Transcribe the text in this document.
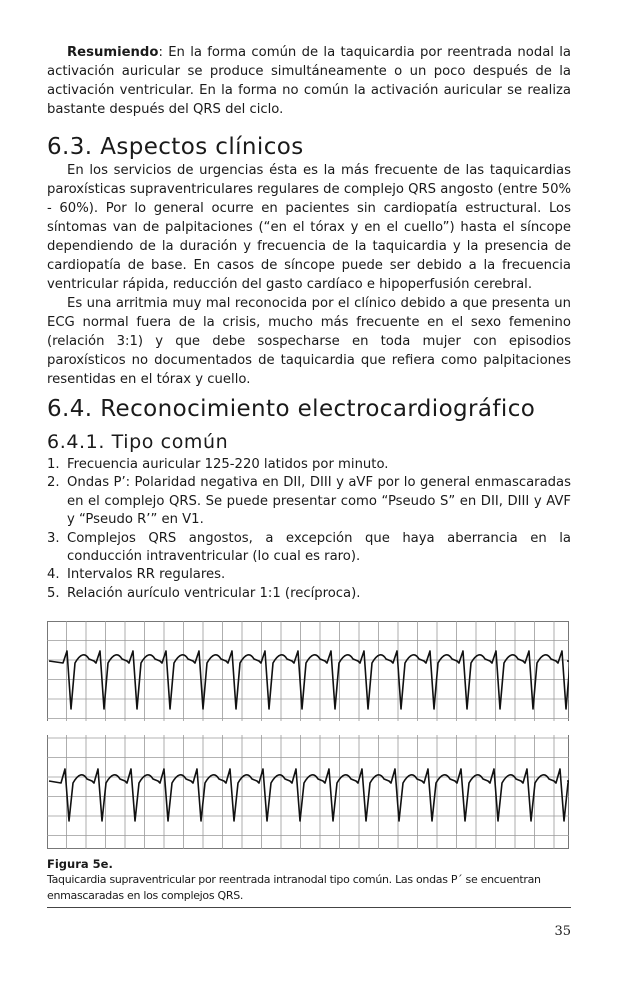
Resumiendo: En la forma común de la taquicardia por reentrada nodal la activación auricular se produce simultáneamente o un poco después de la activación ventricular. En la forma no común la activación auricular se realiza bastante después del QRS del ciclo.

6.3. Aspectos clínicos

En los servicios de urgencias ésta es la más frecuente de las taquicardias paroxísticas supraventriculares regulares de complejo QRS angosto (entre 50% - 60%). Por lo general ocurre en pacientes sin cardiopatía estructural. Los síntomas van de palpitaciones (“en el tórax y en el cuello”) hasta el síncope dependiendo de la duración y frecuencia de la taquicardia y la presencia de cardiopatía de base. En casos de síncope puede ser debido a la frecuencia ventricular rápida, reducción del gasto cardíaco e hipoperfusión cerebral.

Es una arritmia muy mal reconocida por el clínico debido a que presenta un ECG normal fuera de la crisis, mucho más frecuente en el sexo femenino (relación 3:1) y que debe sospecharse en toda mujer con episodios paroxísticos no documentados de taquicardia que refiera como palpitaciones resentidas en el tórax y cuello.

6.4. Reconocimiento electrocardiográfico
6.4.1. Tipo común
1. Frecuencia auricular 125-220 latidos por minuto.
2. Ondas P’: Polaridad negativa en DII, DIII y aVF por lo general enmascaradas en el complejo QRS. Se puede presentar como “Pseudo S” en DII, DIII y AVF y “Pseudo R’” en V1.
3. Complejos QRS angostos, a excepción que haya aberrancia en la conducción intraventricular (lo cual es raro).
4. Intervalos RR regulares.
5. Relación aurículo ventricular 1:1 (recíproca).
Figura 5e.
Taquicardia supraventricular por reentrada intranodal tipo común. Las ondas P´ se encuentran enmascaradas en los complejos QRS.
35
